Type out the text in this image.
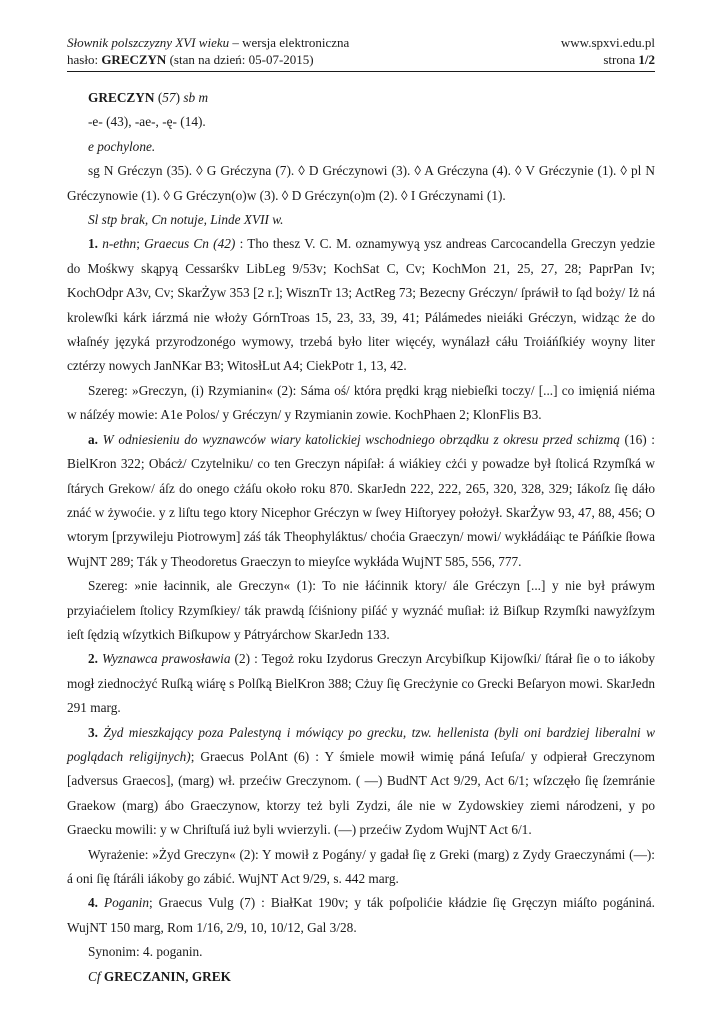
Słownik polszczyzny XVI wieku – wersja elektroniczna	www.spxvi.edu.pl
hasło: GRECZYN (stan na dzień: 05-07-2015)	strona 1/2

GRECZYN (57) sb m

-e- (43), -ae-, -ę- (14).

e pochylone.

sg N Gréczyn (35). ◊ G Gréczyna (7). ◊ D Gréczynowi (3). ◊ A Gréczyna (4). ◊ V Gréczynie (1). ◊ pl N Gréczynowie (1). ◊ G Gréczyn(o)w (3). ◊ D Gréczyn(o)m (2). ◊ I Gréczynami (1).

Sl stp brak, Cn notuje, Linde XVII w.

1. n-ethn; Graecus Cn (42) : Tho thesz V. C. M. oznamywyą ysz andreas Carcocandella Greczyn yedzie do Mośkwy skąpyą Cessarśkv LibLeg 9/53v; KochSat C, Cv; KochMon 21, 25, 27, 28; PaprPan Iv; KochOdpr A3v, Cv; SkarŻyw 353 [2 r.]; WisznTr 13; ActReg 73; Bezecny Gréczyn/ ſpráwił to ſąd boży/ Iż ná krolewſki kárk iárzmá nie włoży GórnTroas 15, 23, 33, 39, 41; Pálámedes nieiáki Gréczyn, widząc że do właſnéy języká przyrodzonégo wymowy, trzebá było liter więcéy, wynálazł cáłu Troiáńſkiéy woyny liter cztérzy nowych JanNKar B3; WitosłLut A4; CiekPotr 1, 13, 42.

Szereg: »Greczyn, (i) Rzymianin« (2): Sáma oś/ która prędki krąg niebieſki toczy/ [...] co imięniá niéma w náſzéy mowie: A1e Polos/ y Gréczyn/ y Rzymianin zowie. KochPhaen 2; KlonFlis B3.

a. W odniesieniu do wyznawców wiary katolickiej wschodniego obrządku z okresu przed schizmą (16) : BielKron 322; Obácż/ Czytelniku/ co ten Greczyn nápiſał: á wiákiey cżći y powadze był ſtolicá Rzymſká w ſtárych Grekow/ áſz do onego cżáſu około roku 870. SkarJedn 222, 222, 265, 320, 328, 329; Iákoſz ſię dáło znáć w żywoćie. y z liſtu tego ktory Nicephor Gréczyn w ſwey Hiſtoryey położył. SkarŻyw 93, 47, 88, 456; O wtorym [przywileju Piotrowym] záś ták Theophyláktus/ choćia Graeczyn/ mowi/ wykłádáiąc te Páńſkie ſłowa WujNT 289; Ták y Theodoretus Graeczyn to mieyſce wykłáda WujNT 585, 556, 777.

Szereg: »nie łacinnik, ale Greczyn« (1): To nie łáćinnik ktory/ ále Gréczyn [...] y nie był práwym przyiaćielem ſtolicy Rzymſkiey/ ták prawdą ſćiśniony piſáć y wyznáć muſiał: iż Biſkup Rzymſki nawyżſzym ieſt ſędzią wſzytkich Biſkupow y Pátryárchow SkarJedn 133.

2. Wyznawca prawosławia (2) : Tegoż roku Izydorus Greczyn Arcybiſkup Kijowſki/ ſtárał ſie o to iákoby mogł ziednocżyć Ruſką wiárę s Polſką BielKron 388; Cżuy ſię Grecżynie co Grecki Beſaryon mowi. SkarJedn 291 marg.

3. Żyd mieszkający poza Palestyną i mówiący po grecku, tzw. hellenista (byli oni bardziej liberalni w poglądach religijnych); Graecus PolAnt (6) : Y śmiele mowił wimię páná Ieſuſa/ y odpierał Greczynom [adversus Graecos], (marg) wł. przećiw Greczynom. ( —) BudNT Act 9/29, Act 6/1; wſzczęło ſię ſzemránie Graekow (marg) ábo Graeczynow, ktorzy też byli Zydzi, ále nie w Zydowskiey ziemi národzeni, y po Graecku mowili: y w Chriſtuſá iuż byli wvierzyli. (—) przećiw Zydom WujNT Act 6/1.

Wyrażenie: »Żyd Greczyn« (2): Y mowił z Pogány/ y gadał ſię z Greki (marg) z Zydy Graeczynámi (—): á oni ſię ſtáráli iákoby go zábić. WujNT Act 9/29, s. 442 marg.

4. Poganin; Graecus Vulg (7) : BiałKat 190v; y ták poſpolićie kłádzie ſię Gręczyn miáſto pogániná. WujNT 150 marg, Rom 1/16, 2/9, 10, 10/12, Gal 3/28.

Synonim: 4. poganin.

Cf GRECZANIN, GREK
